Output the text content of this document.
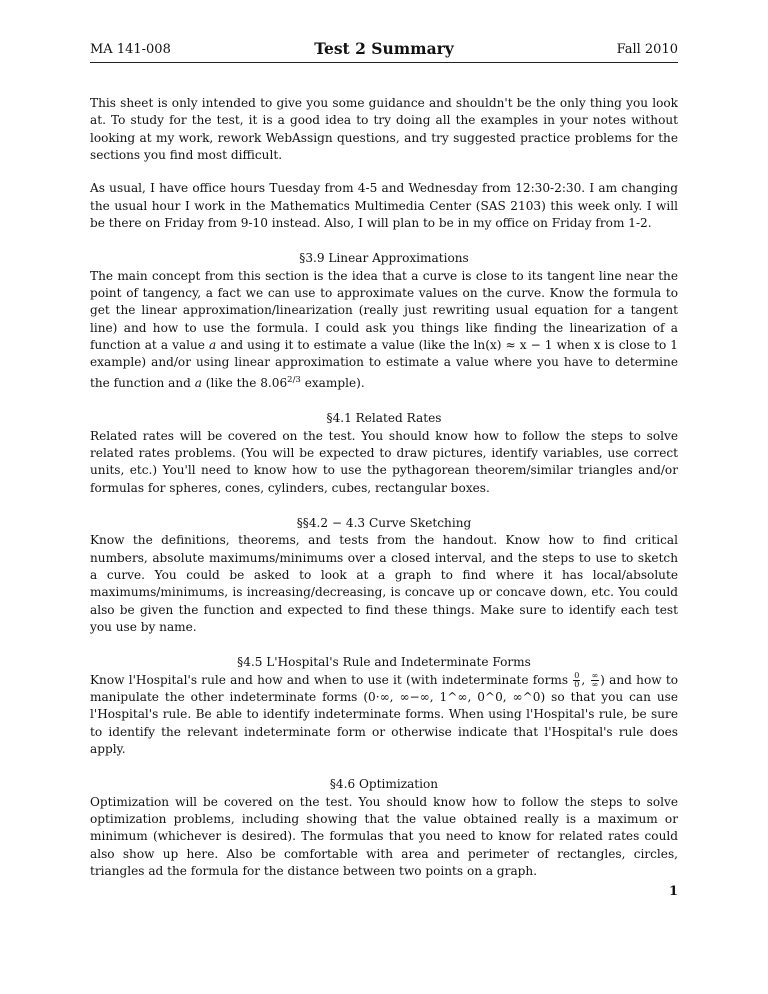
MA 141-008	Test 2 Summary	Fall 2010

This sheet is only intended to give you some guidance and shouldn't be the only thing you look at. To study for the test, it is a good idea to try doing all the examples in your notes without looking at my work, rework WebAssign questions, and try suggested practice problems for the sections you find most difficult.

As usual, I have office hours Tuesday from 4-5 and Wednesday from 12:30-2:30. I am changing the usual hour I work in the Mathematics Multimedia Center (SAS 2103) this week only. I will be there on Friday from 9-10 instead. Also, I will plan to be in my office on Friday from 1-2.

§3.9 Linear Approximations

The main concept from this section is the idea that a curve is close to its tangent line near the point of tangency, a fact we can use to approximate values on the curve. Know the formula to get the linear approximation/linearization (really just rewriting usual equation for a tangent line) and how to use the formula. I could ask you things like finding the linearization of a function at a value a and using it to estimate a value (like the ln(x) ≈ x − 1 when x is close to 1 example) and/or using linear approximation to estimate a value where you have to determine the function and a (like the $8.06^{2/3}$ example).

§4.1 Related Rates

Related rates will be covered on the test. You should know how to follow the steps to solve related rates problems. (You will be expected to draw pictures, identify variables, use correct units, etc.) You'll need to know how to use the pythagorean theorem/similar triangles and/or formulas for spheres, cones, cylinders, cubes, rectangular boxes.

§§4.2 − 4.3 Curve Sketching

Know the definitions, theorems, and tests from the handout. Know how to find critical numbers, absolute maximums/minimums over a closed interval, and the steps to use to sketch a curve. You could be asked to look at a graph to find where it has local/absolute maximums/minimums, is increasing/decreasing, is concave up or concave down, etc. You could also be given the function and expected to find these things. Make sure to identify each test you use by name.

§4.5 L'Hospital's Rule and Indeterminate Forms

Know l'Hospital's rule and how and when to use it (with indeterminate forms $\frac{0}{0}$ , $\frac{\infty}{\infty}$ ) and how to manipulate the other indeterminate forms (0·∞, ∞−∞, 1^∞, 0^0, ∞^0) so that you can use l'Hospital's rule. Be able to identify indeterminate forms. When using l'Hospital's rule, be sure to identify the relevant indeterminate form or otherwise indicate that l'Hospital's rule does apply.

§4.6 Optimization

Optimization will be covered on the test. You should know how to follow the steps to solve optimization problems, including showing that the value obtained really is a maximum or minimum (whichever is desired). The formulas that you need to know for related rates could also show up here. Also be comfortable with area and perimeter of rectangles, circles, triangles ad the formula for the distance between two points on a graph.

1
